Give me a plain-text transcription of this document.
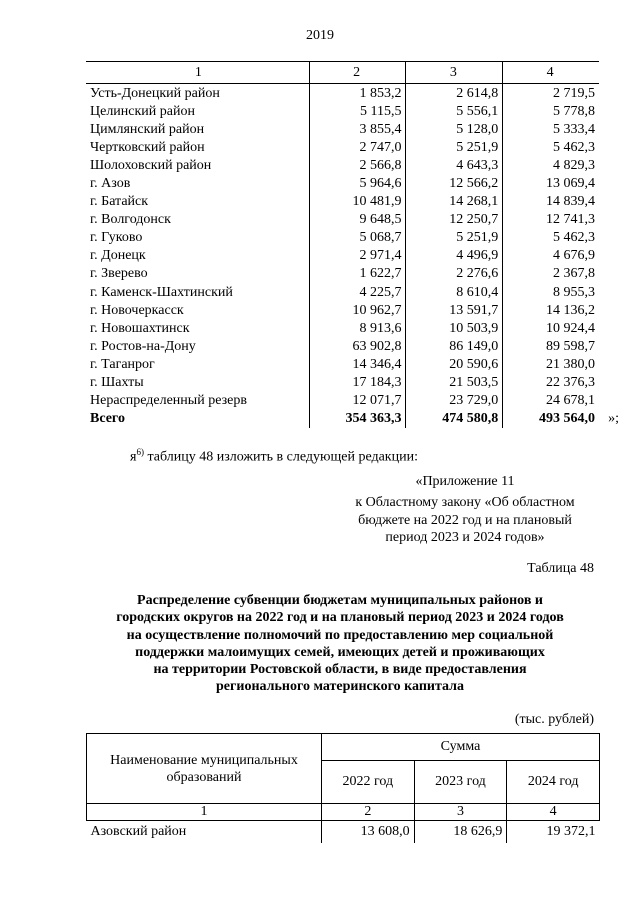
2019
1	2	3	4
Усть-Донецкий район	1 853,2	2 614,8	2 719,5
Целинский район	5 115,5	5 556,1	5 778,8
Цимлянский район	3 855,4	5 128,0	5 333,4
Чертковский район	2 747,0	5 251,9	5 462,3
Шолоховский район	2 566,8	4 643,3	4 829,3
г. Азов	5 964,6	12 566,2	13 069,4
г. Батайск	10 481,9	14 268,1	14 839,4
г. Волгодонск	9 648,5	12 250,7	12 741,3
г. Гуково	5 068,7	5 251,9	5 462,3
г. Донецк	2 971,4	4 496,9	4 676,9
г. Зверево	1 622,7	2 276,6	2 367,8
г. Каменск-Шахтинский	4 225,7	8 610,4	8 955,3
г. Новочеркасск	10 962,7	13 591,7	14 136,2
г. Новошахтинск	8 913,6	10 503,9	10 924,4
г. Ростов-на-Дону	63 902,8	86 149,0	89 598,7
г. Таганрог	14 346,4	20 590,6	21 380,0
г. Шахты	17 184,3	21 503,5	22 376,3
Нераспределенный резерв	12 071,7	23 729,0	24 678,1
Всего	354 363,3	474 580,8	493 564,0 »;
$я^{6)}$ таблицу 48 изложить в следующей редакции:
«Приложение 11
к Областному закону «Об областном
бюджете на 2022 год и на плановый
период 2023 и 2024 годов»
Таблица 48
Распределение субвенции бюджетам муниципальных районов и
городских округов на 2022 год и на плановый период 2023 и 2024 годов
на осуществление полномочий по предоставлению мер социальной
поддержки малоимущих семей, имеющих детей и проживающих
на территории Ростовской области, в виде предоставления
регионального материнского капитала
(тыс. рублей)
Наименование муниципальных образований	Сумма		
	2022 год	2023 год	2024 год
1	2	3	4
Азовский район	13 608,0	18 626,9	19 372,1
